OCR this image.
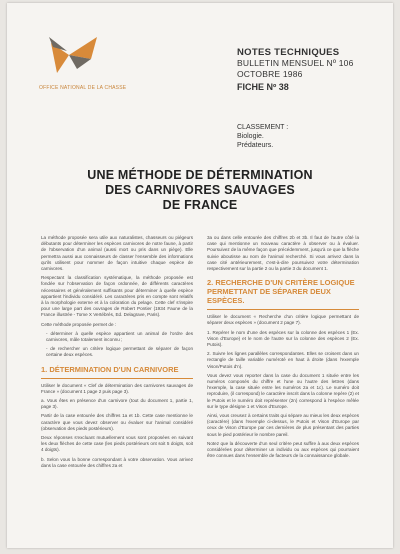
OFFICE NATIONAL DE LA CHASSE
NOTES TECHNIQUES
BULLETIN MENSUEL Nº 106
OCTOBRE 1986
FICHE Nº 38
CLASSEMENT :
Biologie.
Prédateurs.
UNE MÉTHODE DE DÉTERMINATION
DES CARNIVORES SAUVAGES
DE FRANCE

La méthode proposée sera utile aux naturalistes, chasseurs ou piégeurs débutants pour déterminer les espèces carnivores de notre faune, à partir de l'observation d'un animal (aussi mort ou pris dans un piège). Elle permettra aussi aux connaisseurs de classer l'ensemble des informations qu'ils utilisent pour nommer de façon intuitive chaque espèce de carnivores.

Respectant la classification systématique, la méthode proposée est fondée sur l'observation de façon ordonnée, de différents caractères nécessaires et généralement suffisants pour déterminer à quelle espèce appartient l'individu considéré. Les caractères pris en compte sont relatifs à la morphologie externe et à la coloration du pelage. Cette clef s'inspire pour une large part des ouvrages de Robert Pontier (1934 Faune de la France illustrée - Tome X Vertébrés, Ed. Delagrave, Paris).

Cette méthode proposée permet de :

- déterminer à quelle espèce appartient un animal de l'ordre des carnivores, mâle totalement inconnu ;

- de rechercher un critère logique permettant de séparer de façon certaine deux espèces.

1. DÉTERMINATION D'UN CARNIVORE

Utiliser le document « Clef de détermination des carnivores sauvages de France » (document 1 page 2 puis page 3).

a. Vous êtes en présence d'un carnivore (tout du document 1, partie 1, page 3).

Partir de la case entourée des chiffres 1a et 1b. Cette case mentionne le caractère que vous devez observer ou évaluer sur l'animal considéré (observation des pieds postérieurs).

Deux réponses s'excluant mutuellement vous sont proposées en suivant les deux flèches de cette case (les pieds postérieurs ont soit 5 doigts, soit 4 doigts).

b. Selon vous la bonne correspondant à votre observation. Vous arrivez dans la case entourée des chiffres 2a et

3a ou dans celle entourée des chiffres 2b et 3b. Il faut de l'autre côté la case qui mentionne un nouveau caractère à observer ou à évaluer. Poursuivez de la même façon que précédemment, jusqu'à ce que la flèche suivie aboutisse au nom de l'animal recherché. Si vous arrivez dans la case cité antérieurement, c'est-à-dire poursuivez votre détermination respectivement sur la partie 2 ou la partie 3 du document 1.

2. RECHERCHE D'UN CRITÈRE LOGIQUE PERMETTANT DE SÉPARER DEUX ESPÈCES.

Utiliser le document « Recherche d'un critère logique permettant de séparer deux espèces » (document 2 page 7).

1. Repérer le nom d'une des espèces sur la colonne des espèces 1 (Ex. Vison d'Europe) et le nom de l'autre sur la colonne des espèces 2 (Ex. Putois).

2. Suivre les lignes parallèles correspondantes. Elles se croisent dans un rectangle de taille variable numéroté en haut à droite (dans l'exemple Vison/Putois d'n).

Vous devez vous reporter dans la case du document 1 située entre les numéros composés du chiffre et l'une ou l'autre des lettres (dans l'exemple, la case située entre les numéros 2a et 1c). Le numéro doit reproduire, (il correspond) le caractère inscrit dans la colonne repère (2) et le Putois et le numéro doit représenter (2n) correspond à l'espèce mêlée sur le type désigne 1 et Vison d'Europe.

Ainsi, vous creusez à certains traits qui sépare au mieux les deux espèces (caractère) (dans l'exemple ci-dessus, le Putois et Vison d'Europe par ceux de Vison d'Europe par ces dernières de plus présentant des parties sous le pied postérieur le nombre pareil.

Notez que la découverte d'un seul critère peut suffire à aux deux espèces considérées pour déterminer un individu ou aux espèces qui pourraient être connues dans l'ensemble de facteurs de la connaissance globale.
